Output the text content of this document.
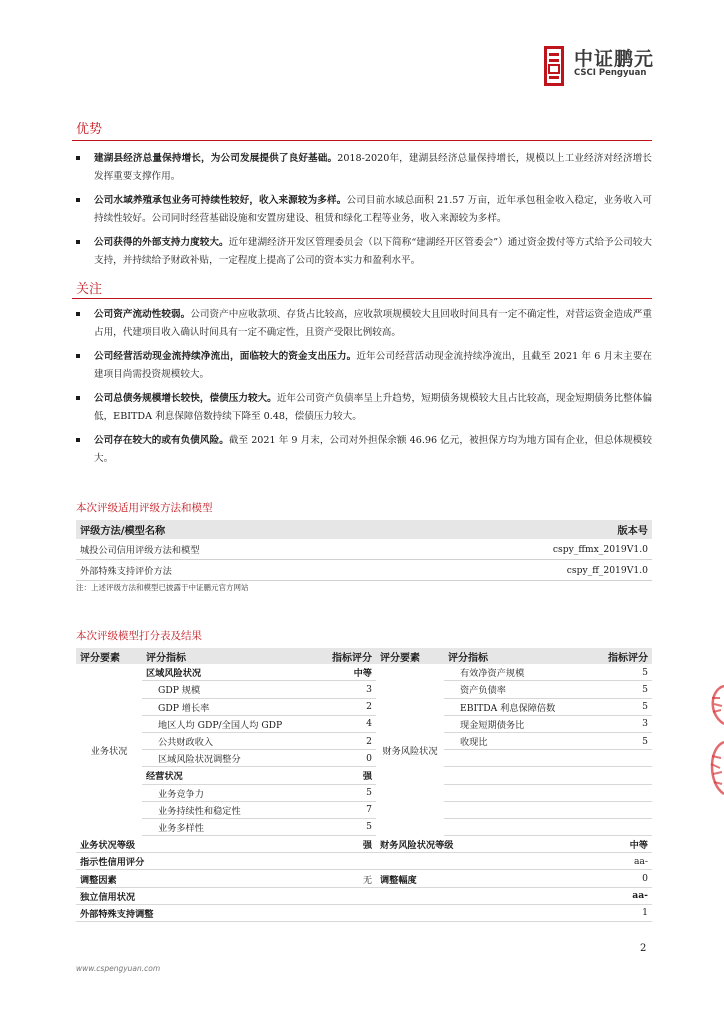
中证鹏元
CSCI Pengyuan
优势
建湖县经济总量保持增长，为公司发展提供了良好基础。2018-2020年，建湖县经济总量保持增长，规模以上工业经济对经济增长发挥重要支撑作用。
公司水域养殖承包业务可持续性较好，收入来源较为多样。公司目前水域总面积 21.57 万亩，近年承包租金收入稳定，业务收入可持续性较好。公司同时经营基础设施和安置房建设、租赁和绿化工程等业务，收入来源较为多样。
公司获得的外部支持力度较大。近年建湖经济开发区管理委员会（以下简称“建湖经开区管委会”）通过资金拨付等方式给予公司较大支持，并持续给予财政补贴，一定程度上提高了公司的资本实力和盈利水平。
关注
公司资产流动性较弱。公司资产中应收款项、存货占比较高，应收款项规模较大且回收时间具有一定不确定性，对营运资金造成严重占用，代建项目收入确认时间具有一定不确定性，且资产受限比例较高。
公司经营活动现金流持续净流出，面临较大的资金支出压力。近年公司经营活动现金流持续净流出，且截至 2021 年 6 月末主要在建项目尚需投资规模较大。
公司总债务规模增长较快，偿债压力较大。近年公司资产负债率呈上升趋势，短期债务规模较大且占比较高，现金短期债务比整体偏低，EBITDA 利息保障倍数持续下降至 0.48，偿债压力较大。
公司存在较大的或有负债风险。截至 2021 年 9 月末，公司对外担保余额 46.96 亿元，被担保方均为地方国有企业，但总体规模较大。
本次评级适用评级方法和模型
评级方法/模型名称	版本号
城投公司信用评级方法和模型	cspy_ffmx_2019V1.0
外部特殊支持评价方法	cspy_ff_2019V1.0
注：上述评级方法和模型已披露于中证鹏元官方网站
本次评级模型打分表及结果
评分要素	评分指标	指标评分	评分要素	评分指标	指标评分
业务状况	区域风险状况	中等	财务风险状况	有效净资产规模	5
	GDP 规模	3		资产负债率	5
	GDP 增长率	2		EBITDA 利息保障倍数	5
	地区人均 GDP/全国人均 GDP	4		现金短期债务比	3
	公共财政收入	2		收现比	5
	区域风险状况调整分	0			
	经营状况	强			
	业务竞争力	5			
	业务持续性和稳定性	7			
	业务多样性	5			
业务状况等级		强	财务风险状况等级		中等
指示性信用评分					aa-
调整因素		无	调整幅度		0
独立信用状况					aa-
外部特殊支持调整					1
2
www.cspengyuan.com
